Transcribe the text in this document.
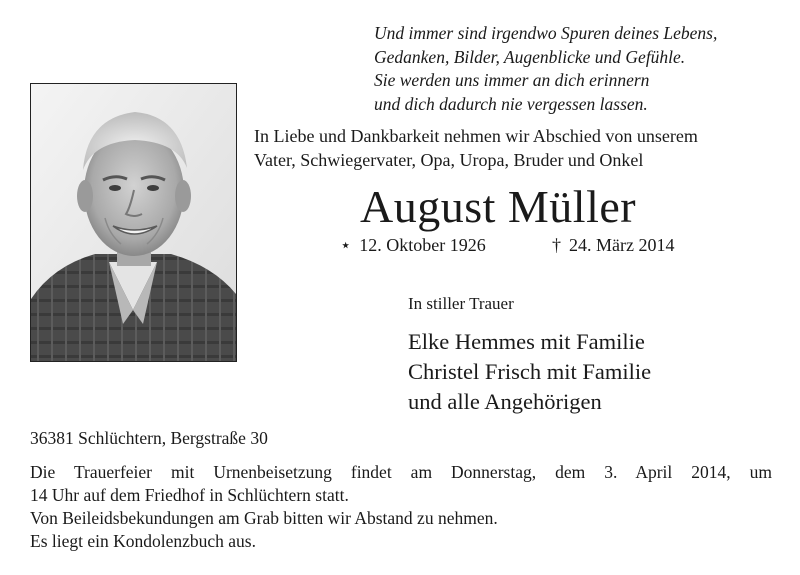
Und immer sind irgendwo Spuren deines Lebens,
Gedanken, Bilder, Augenblicke und Gefühle.
Sie werden uns immer an dich erinnern
und dich dadurch nie vergessen lassen.
In Liebe und Dankbarkeit nehmen wir Abschied von unserem
Vater, Schwiegervater, Opa, Uropa, Bruder und Onkel
August Müller
⋆ 12. Oktober 1926	† 24. März 2014
In stiller Trauer
Elke Hemmes mit Familie
Christel Frisch mit Familie
und alle Angehörigen
36381 Schlüchtern, Bergstraße 30
Die Trauerfeier mit Urnenbeisetzung findet am Donnerstag, dem 3. April 2014, um
14 Uhr auf dem Friedhof in Schlüchtern statt.
Von Beileidsbekundungen am Grab bitten wir Abstand zu nehmen.
Es liegt ein Kondolenzbuch aus.
